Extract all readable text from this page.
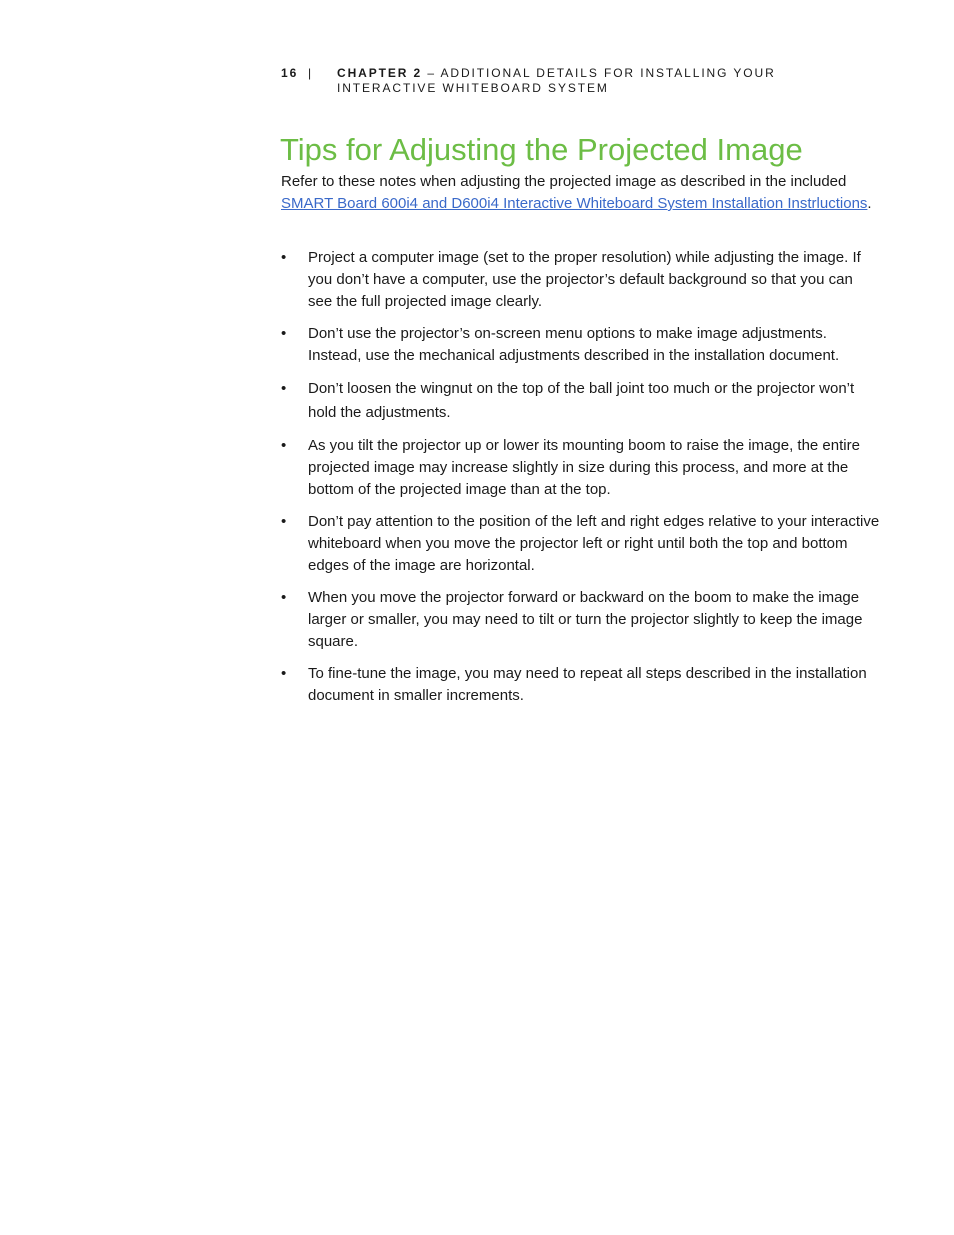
16 | CHAPTER 2 – ADDITIONAL DETAILS FOR INSTALLING YOUR INTERACTIVE WHITEBOARD SYSTEM
Tips for Adjusting the Projected Image

Refer to these notes when adjusting the projected image as described in the included SMART Board 600i4 and D600i4 Interactive Whiteboard System Installation Instrluctions.

• Project a computer image (set to the proper resolution) while adjusting the image. If you don’t have a computer, use the projector’s default background so that you can see the full projected image clearly.
• Don’t use the projector’s on-screen menu options to make image adjustments. Instead, use the mechanical adjustments described in the installation document.
• Don’t loosen the wingnut on the top of the ball joint too much or the projector won’t hold the adjustments.
• As you tilt the projector up or lower its mounting boom to raise the image, the entire projected image may increase slightly in size during this process, and more at the bottom of the projected image than at the top.
• Don’t pay attention to the position of the left and right edges relative to your interactive whiteboard when you move the projector left or right until both the top and bottom edges of the image are horizontal.
• When you move the projector forward or backward on the boom to make the image larger or smaller, you may need to tilt or turn the projector slightly to keep the image square.
• To fine-tune the image, you may need to repeat all steps described in the installation document in smaller increments.
